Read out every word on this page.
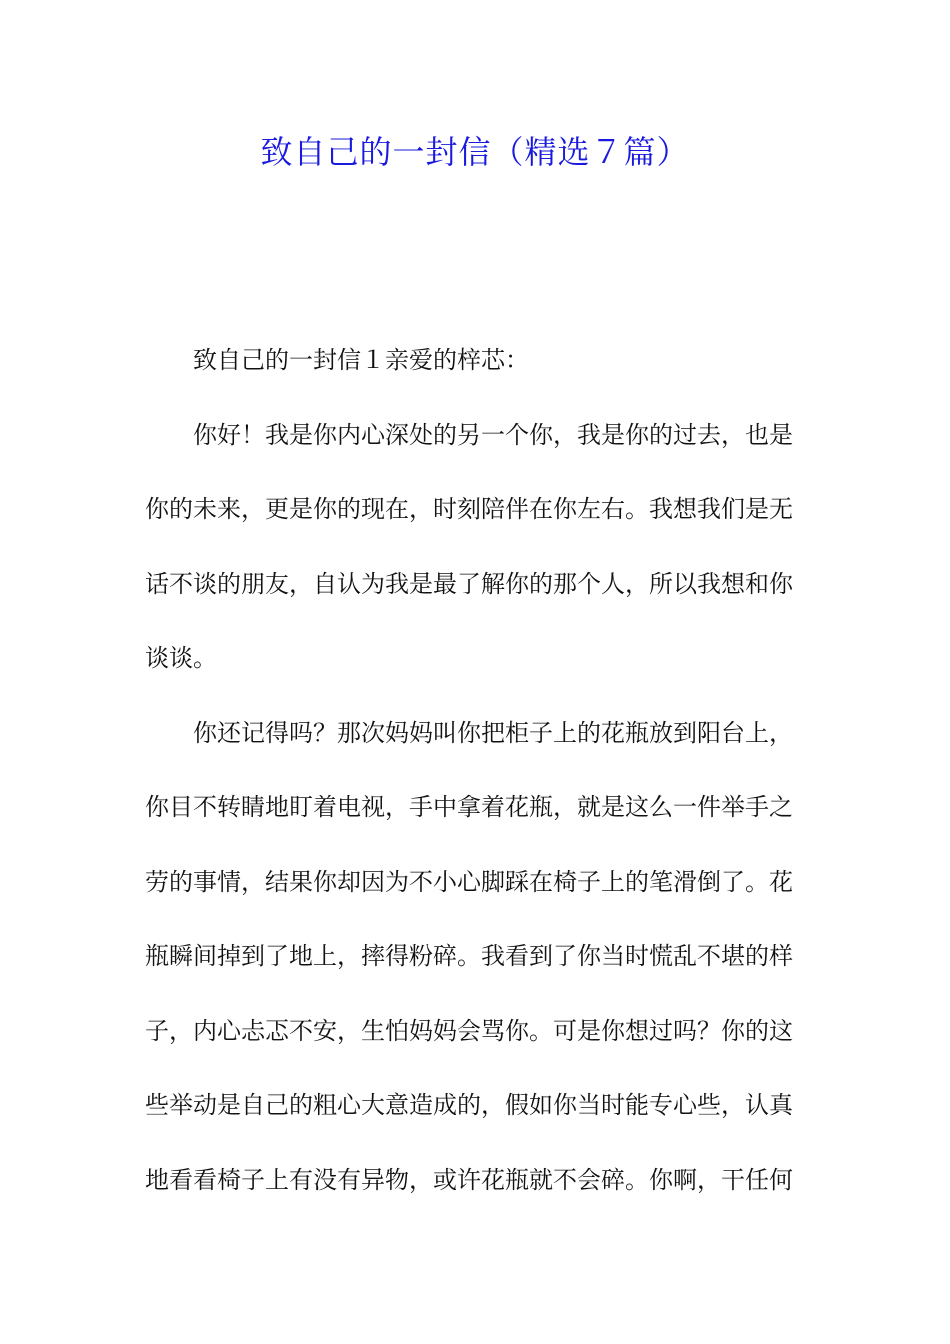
致自己的一封信（精选７篇）

致自己的一封信１亲爱的梓芯：

你好！我是你内心深处的另一个你，我是你的过去，也是

你的未来，更是你的现在，时刻陪伴在你左右。我想我们是无

话不谈的朋友，自认为我是最了解你的那个人，所以我想和你

谈谈。

你还记得吗？那次妈妈叫你把柜子上的花瓶放到阳台上，

你目不转睛地盯着电视，手中拿着花瓶，就是这么一件举手之

劳的事情，结果你却因为不小心脚踩在椅子上的笔滑倒了。花

瓶瞬间掉到了地上，摔得粉碎。我看到了你当时慌乱不堪的样

子，内心忐忑不安，生怕妈妈会骂你。可是你想过吗？你的这

些举动是自己的粗心大意造成的，假如你当时能专心些，认真

地看看椅子上有没有异物，或许花瓶就不会碎。你啊，干任何
